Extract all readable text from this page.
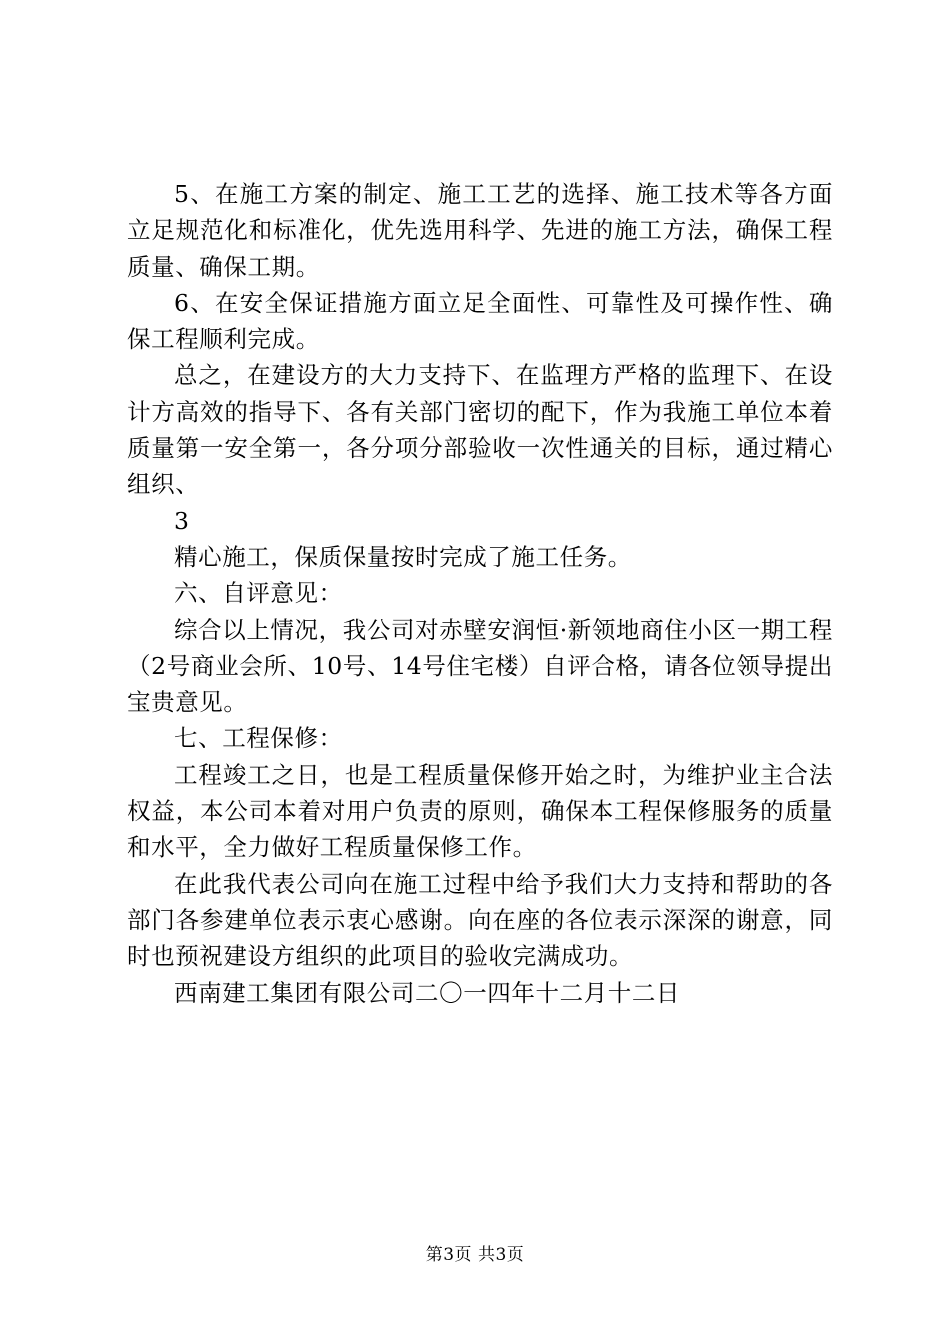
5、在施工方案的制定、施工工艺的选择、施工技术等各方面立足规范化和标准化，优先选用科学、先进的施工方法，确保工程质量、确保工期。

6、在安全保证措施方面立足全面性、可靠性及可操作性、确保工程顺利完成。

总之，在建设方的大力支持下、在监理方严格的监理下、在设计方高效的指导下、各有关部门密切的配下，作为我施工单位本着质量第一安全第一，各分项分部验收一次性通关的目标，通过精心组织、

3

精心施工，保质保量按时完成了施工任务。

六、自评意见：

综合以上情况，我公司对赤壁安润恒·新领地商住小区一期工程（2号商业会所、10号、14号住宅楼）自评合格，请各位领导提出宝贵意见。

七、工程保修：

工程竣工之日，也是工程质量保修开始之时，为维护业主合法权益，本公司本着对用户负责的原则，确保本工程保修服务的质量和水平，全力做好工程质量保修工作。

在此我代表公司向在施工过程中给予我们大力支持和帮助的各部门各参建单位表示衷心感谢。向在座的各位表示深深的谢意，同时也预祝建设方组织的此项目的验收完满成功。

西南建工集团有限公司二〇一四年十二月十二日

第3页 共3页
